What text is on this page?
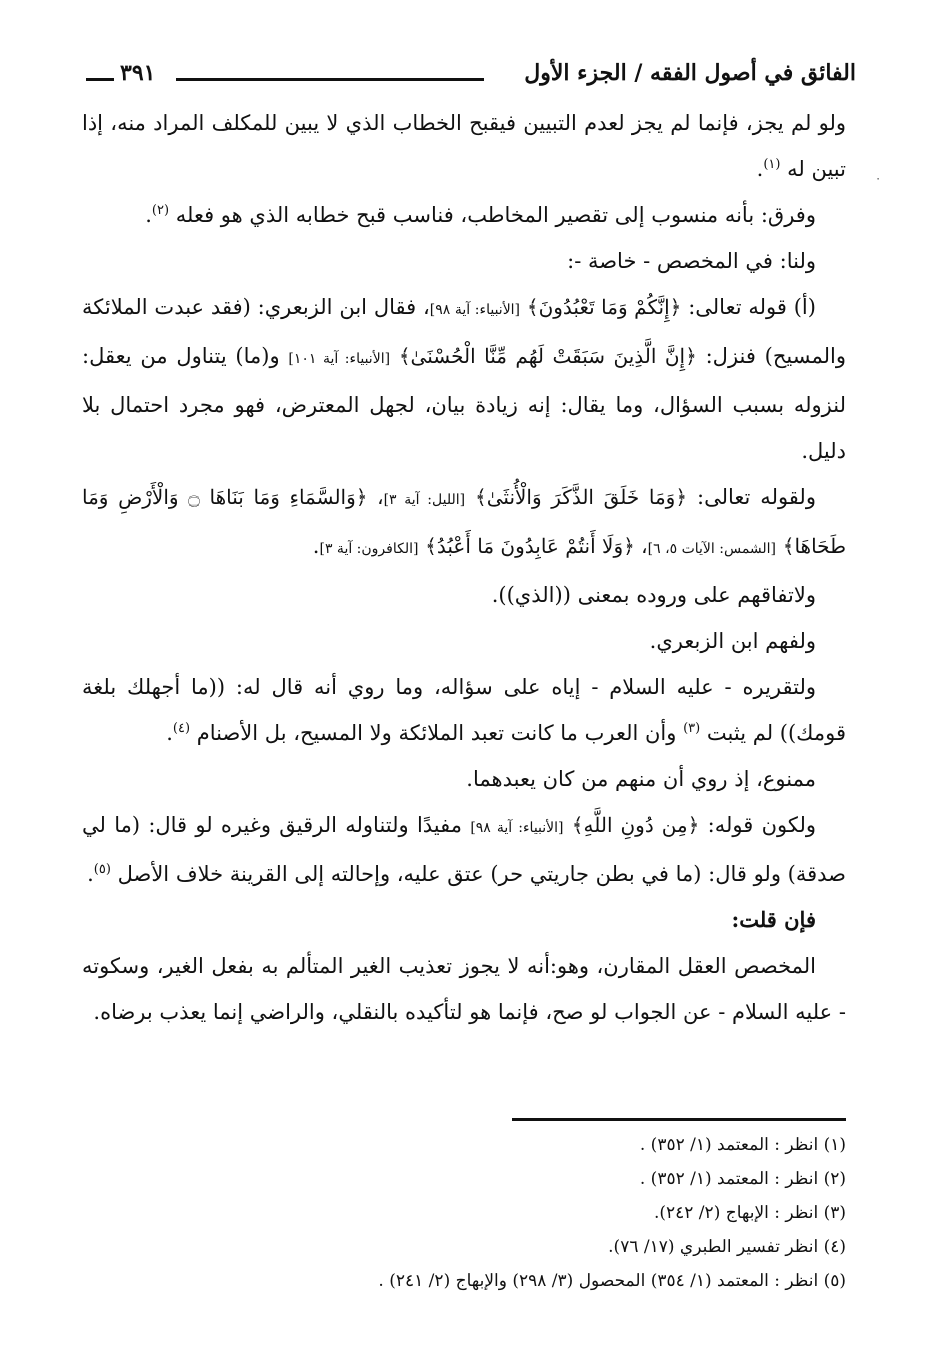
الفائق في أصول الفقه / الجزء الأول
٣٩١
⋅

ولو لم يجز، فإنما لم يجز لعدم التبيين فيقبح الخطاب الذي لا يبين للمكلف المراد منه، إذا تبين له $^{(١)}$.

وفرق: بأنه منسوب إلى تقصير المخاطب، فناسب قبح خطابه الذي هو فعله $^{(٢)}$.

ولنا: في المخصص - خاصة -:

(أ) قوله تعالى: ﴿إِنَّكُمْ وَمَا تَعْبُدُونَ﴾ [الأنبياء: آية ٩٨]، فقال ابن الزبعري: (فقد عبدت الملائكة والمسيح) فنزل: ﴿إِنَّ الَّذِينَ سَبَقَتْ لَهُم مِّنَّا الْحُسْنَىٰ﴾ [الأنبياء: آية ١٠١] و(ما) يتناول من يعقل: لنزوله بسبب السؤال، وما يقال: إنه زيادة بيان، لجهل المعترض، فهو مجرد احتمال بلا دليل.

ولقوله تعالى: ﴿وَمَا خَلَقَ الذَّكَرَ وَالْأُنثَىٰ﴾ [الليل: آية ٣]، ﴿وَالسَّمَاءِ وَمَا بَنَاهَا ۝ وَالْأَرْضِ وَمَا طَحَاهَا﴾ [الشمس: الآيات ٥، ٦]، ﴿وَلَا أَنتُمْ عَابِدُونَ مَا أَعْبُدُ﴾ [الكافرون: آية ٣].

ولاتفاقهم على وروده بمعنى ((الذي)).

ولفهم ابن الزبعري.

ولتقريره - عليه السلام - إياه على سؤاله، وما روي أنه قال له: ((ما أجهلك بلغة قومك)) لم يثبت $^{(٣)}$ وأن العرب ما كانت تعبد الملائكة ولا المسيح، بل الأصنام $^{(٤)}$.

ممنوع، إذ روي أن منهم من كان يعبدهما.

ولكون قوله: ﴿مِن دُونِ اللَّهِ﴾ [الأنبياء: آية ٩٨] مفيدًا ولتناوله الرقيق وغيره لو قال: (ما لي صدقة) ولو قال: (ما في بطن جاريتي حر) عتق عليه، وإحالته إلى القرينة خلاف الأصل $^{(٥)}$.

فإن قلت:

المخصص العقل المقارن، وهو:أنه لا يجوز تعذيب الغير المتألم به بفعل الغير، وسكوته - عليه السلام - عن الجواب لو صح، فإنما هو لتأكيده بالنقلي، والراضي إنما يعذب برضاه.

(١) انظر : المعتمد (١/ ٣٥٢) .

(٢) انظر : المعتمد (١/ ٣٥٢) .

(٣) انظر : الإبهاج (٢/ ٢٤٢).

(٤) انظر تفسير الطبري (١٧/ ٧٦).

(٥) انظر : المعتمد (١/ ٣٥٤) المحصول (٣/ ٢٩٨) والإبهاج (٢/ ٢٤١) .
